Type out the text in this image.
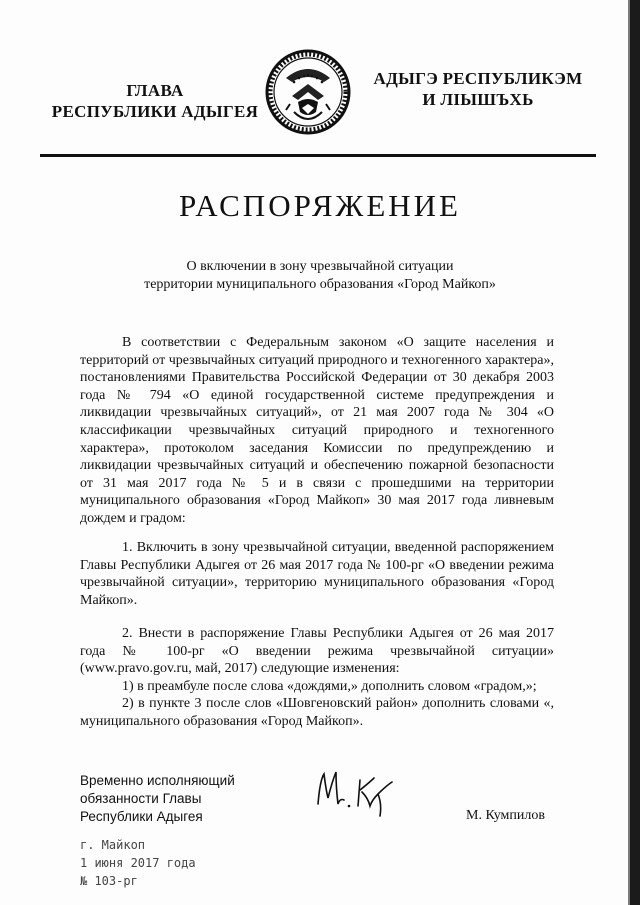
ГЛАВА
РЕСПУБЛИКИ АДЫГЕЯ
АДЫГЭ РЕСПУБЛИКЭМ
И ЛІЫШЪХЬ
РАСПОРЯЖЕНИЕ
О включении в зону чрезвычайной ситуации
территории муниципального образования «Город Майкоп»

В соответствии с Федеральным законом «О защите населения и территорий от чрезвычайных ситуаций природного и техногенного характера», постановлениями Правительства Российской Федерации от 30 декабря 2003 года № 794 «О единой государственной системе предупреждения и ликвидации чрезвычайных ситуаций», от 21 мая 2007 года № 304 «О классификации чрезвычайных ситуаций природного и техногенного характера», протоколом заседания Комиссии по предупреждению и ликвидации чрезвычайных ситуаций и обеспечению пожарной безопасности от 31 мая 2017 года № 5 и в связи с прошедшими на территории муниципального образования «Город Майкоп» 30 мая 2017 года ливневым дождем и градом:

1. Включить в зону чрезвычайной ситуации, введенной распоряжением Главы Республики Адыгея от 26 мая 2017 года № 100-рг «О введении режима чрезвычайной ситуации», территорию муниципального образования «Город Майкоп».

2. Внести в распоряжение Главы Республики Адыгея от 26 мая 2017 года № 100-рг «О введении режима чрезвычайной ситуации» (www.pravo.gov.ru, май, 2017) следующие изменения:

1) в преамбуле после слова «дождями,» дополнить словом «градом,»;

2) в пункте 3 после слов «Шовгеновский район» дополнить словами «, муниципального образования «Город Майкоп».

Временно исполняющий
обязанности Главы
Республики Адыгея	М. Кумпилов
г. Майкоп
1 июня 2017 года
№ 103-рг
